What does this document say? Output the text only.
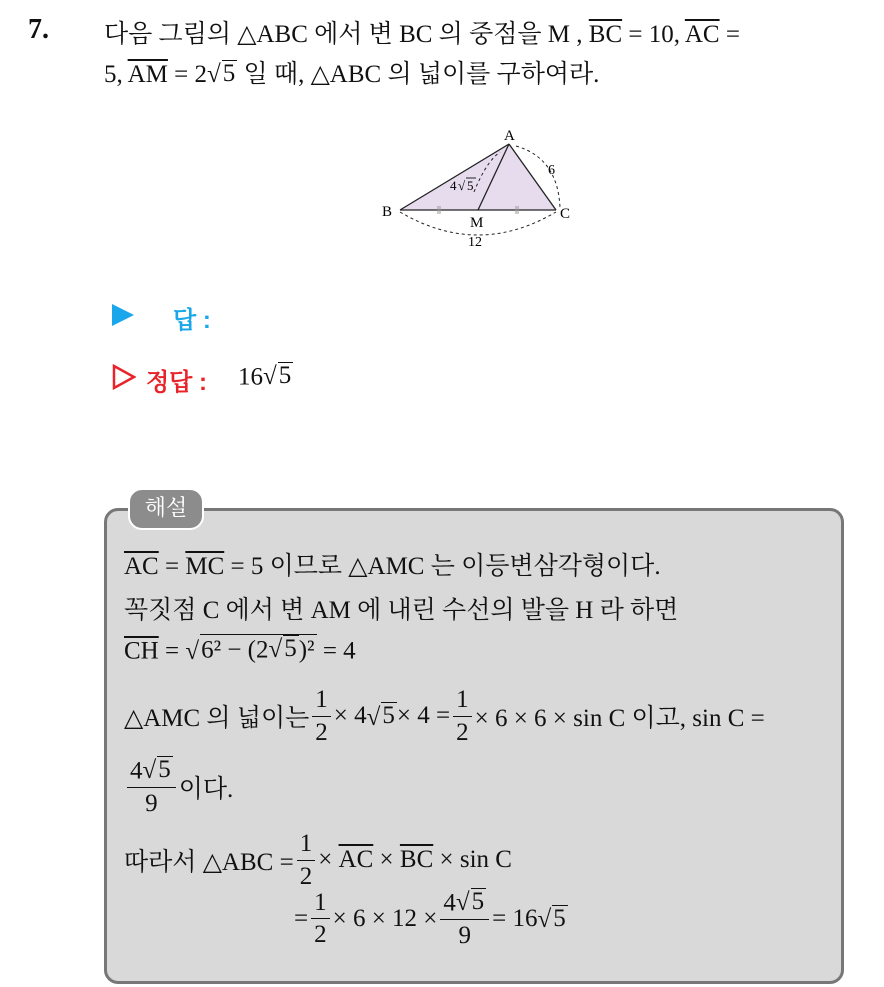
7. 다음 그림의 △ABC 에서 변 BC 의 중점을 M , $\overline{BC} = 10$, $\overline{AC}$ =
5, $\overline{AM} = 2$ √ 5 일 때, △ABC 의 넓이를 구하여라.
A
B	C
M
6
12
4 √ 5
답 :
정답 : 16 √ 5
해설
$\overline{AC} = \overline{MC} = 5$ 이므로 △AMC 는 이등변삼각형이다.
꼭짓점 C 에서 변 AM 에 내린 수선의 발을 H 라 하면
$\overline{CH}$ = √ 6² − (2 √ 5 )² = 4
△AMC 의 넓이는 $\frac{1}{2} \times 4$ √ $5 \times 4 = \frac{1}{2} \times 6 \times 6 \times \sin C$ 이고, sin C =
$\frac{4 √ 5}{9}$ 이다.
따라서 △ABC = $\frac{1}{2}$ ×
$\overline{AC}$
×
$\overline{BC}$
× sin C
= $\frac{1}{2} \times 6 \times 12 \times \frac{4 √ 5}{9} = 16$ √ 5
